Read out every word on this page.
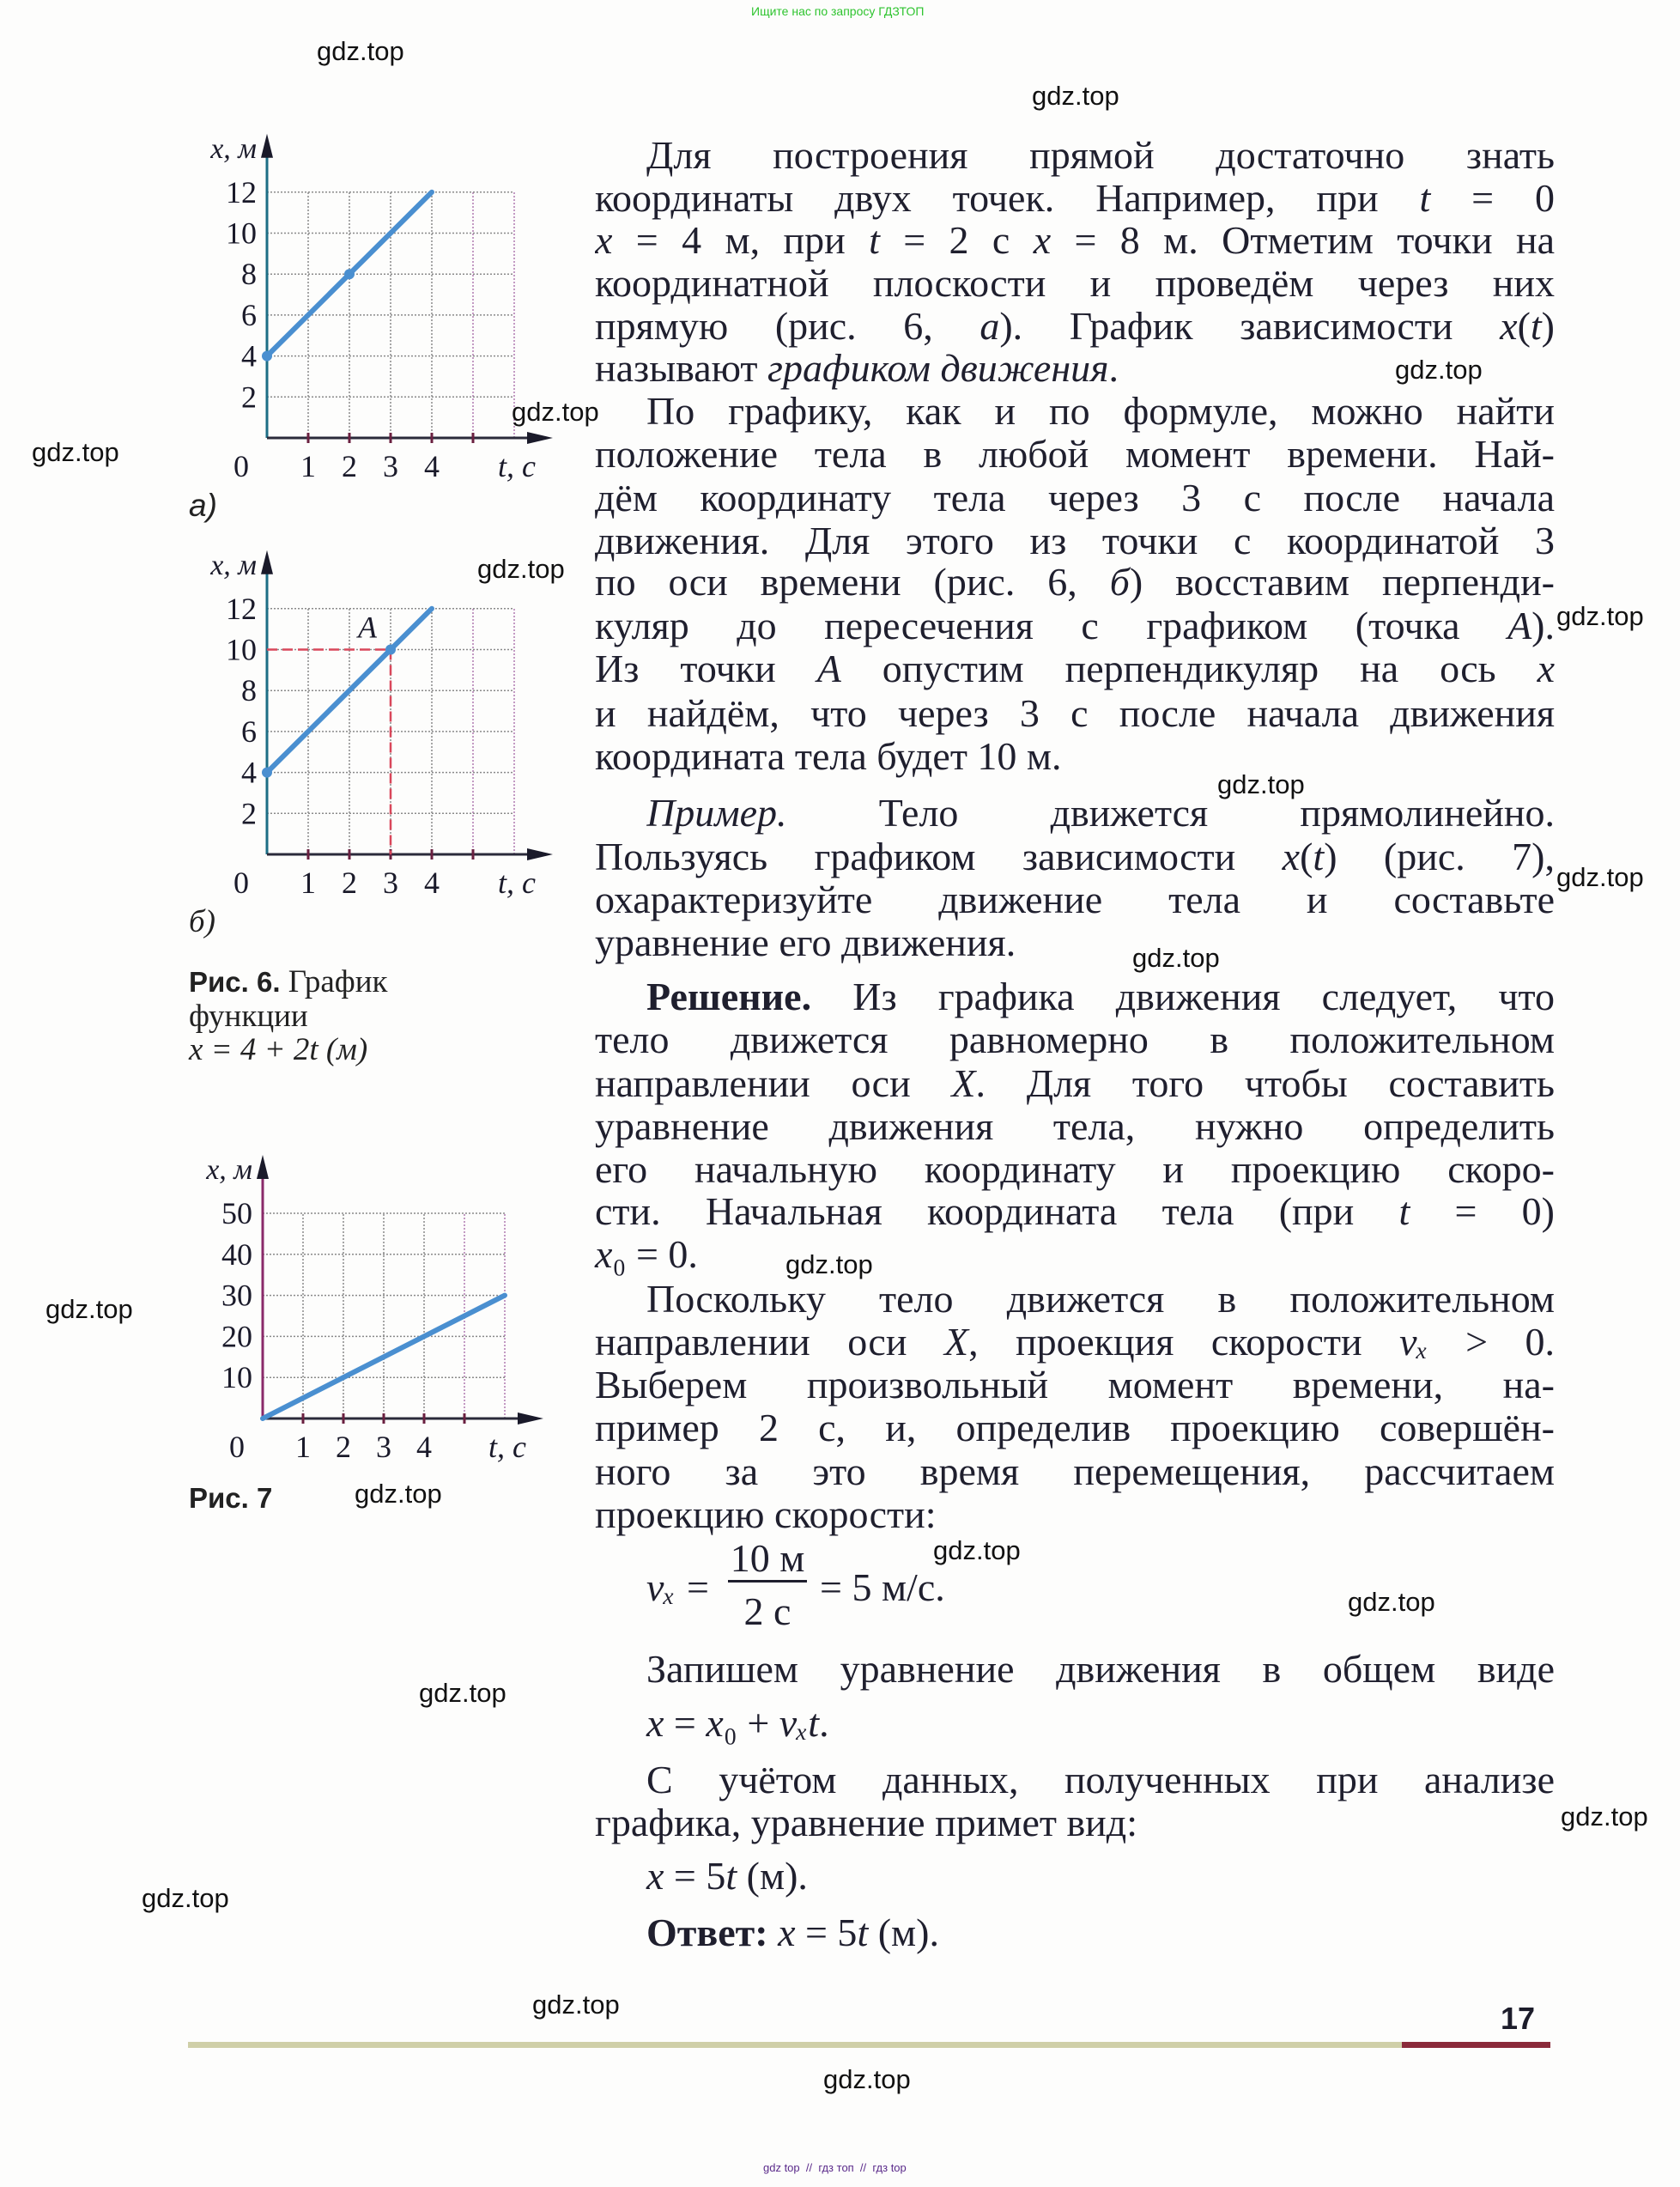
Ищите нас по запросу ГДЗТОП
Для построения прямой достаточно знать
координаты двух точек. Например, при t = 0
x = 4 м, при t = 2 с x = 8 м. Отметим точки на
координатной плоскости и проведём через них
прямую (рис. 6, а). График зависимости x(t)
называют графиком движения.
По графику, как и по формуле, можно найти
положение тела в любой момент времени. Най-
дём координату тела через 3 с после начала
движения. Для этого из точки с координатой 3
по оси времени (рис. 6, б) восставим перпенди-
куляр до пересечения с графиком (точка A).
Из точки A опустим перпендикуляр на ось x
и найдём, что через 3 с после начала движения
координата тела будет 10 м.
Пример. Тело движется прямолинейно.
Пользуясь графиком зависимости x(t) (рис. 7),
охарактеризуйте движение тела и составьте
уравнение его движения.
Решение. Из графика движения следует, что
тело движется равномерно в положительном
направлении оси X. Для того чтобы составить
уравнение движения тела, нужно определить
его начальную координату и проекцию скоро-
сти. Начальная координата тела (при t = 0)
x₀ = 0.
Поскольку тело движется в положительном
направлении оси X, проекция скорости vₓ > 0.
Выберем произвольный момент времени, на-
пример 2 с, и, определив проекцию совершён-
ного за это время перемещения, рассчитаем
проекцию скорости:
Запишем уравнение движения в общем виде
x = x₀ + vₓt.
С учётом данных, полученных при анализе
графика, уравнение примет вид:
x = 5t (м).
Ответ: x = 5t (м).
vₓ =
10 м
2 с
= 5 м/с.
а)
б)
Рис. 6. График
функции
x = 4 + 2t (м)
Рис. 7
2
4
6
8
10
12
1 2 3 4
0	t, с
x, м
A
2
4
6
8
10
12
1 2 3 4
0	t, с
x, м
10
20
30
40
50
1 2 3 4
0	t, с
x, м
17
gdz top  //  гдз топ  //  гдз top
gdz.top
gdz.top
gdz.top
gdz.top
gdz.top
gdz.top
gdz.top
gdz.top
gdz.top
gdz.top
gdz.top
gdz.top
gdz.top
gdz.top
gdz.top
gdz.top
gdz.top
gdz.top
gdz.top
gdz.top
